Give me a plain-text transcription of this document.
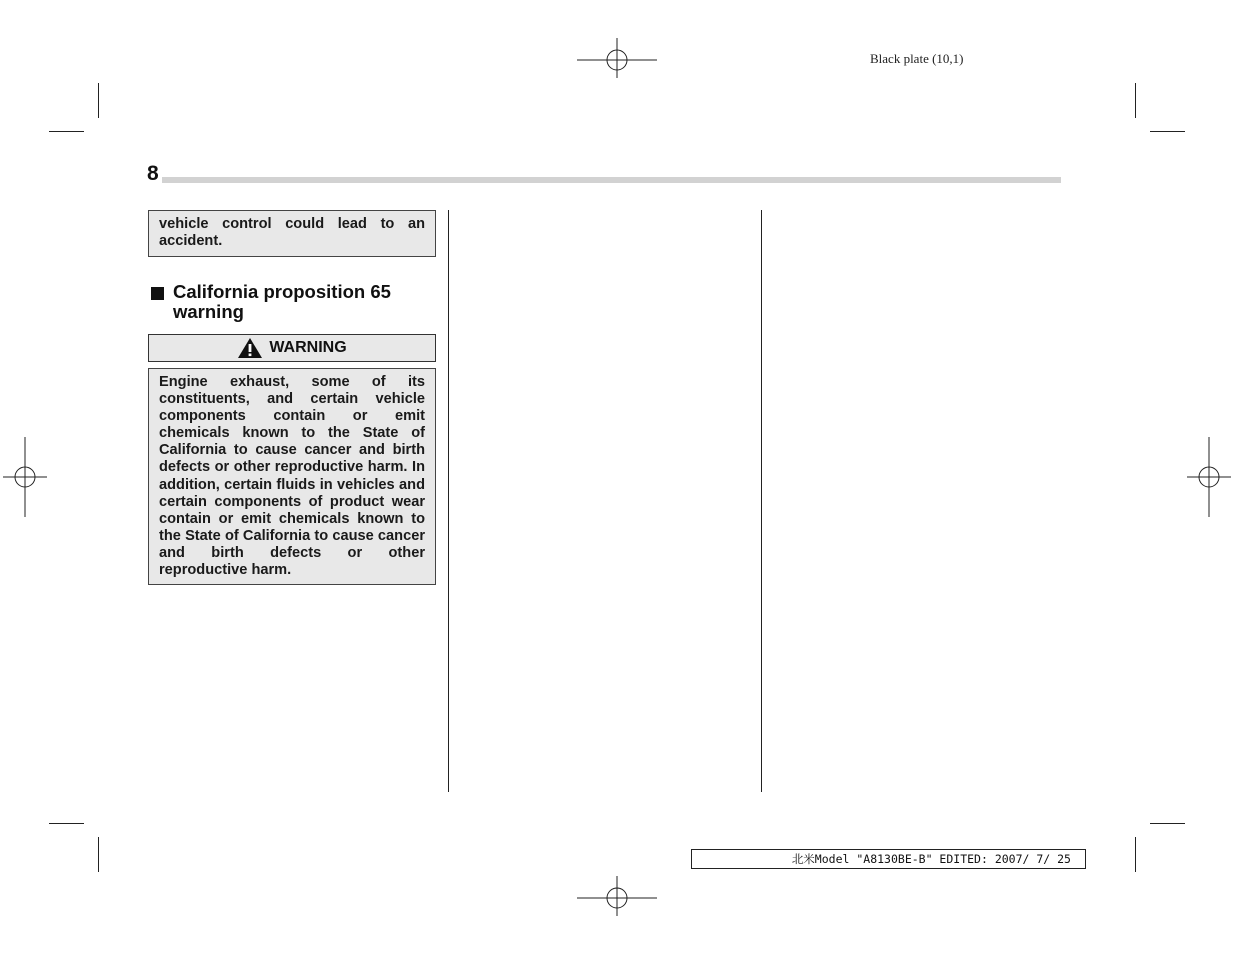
Black plate (10,1)
8

vehicle control could lead to an accident.

California proposition 65 warning
WARNING

Engine exhaust, some of its constituents, and certain vehicle components contain or emit chemicals known to the State of California to cause cancer and birth defects or other reproductive harm. In addition, certain fluids in vehicles and certain components of product wear contain or emit chemicals known to the State of California to cause cancer and birth defects or other reproductive harm.

北米Model "A8130BE-B" EDITED: 2007/ 7/ 25
